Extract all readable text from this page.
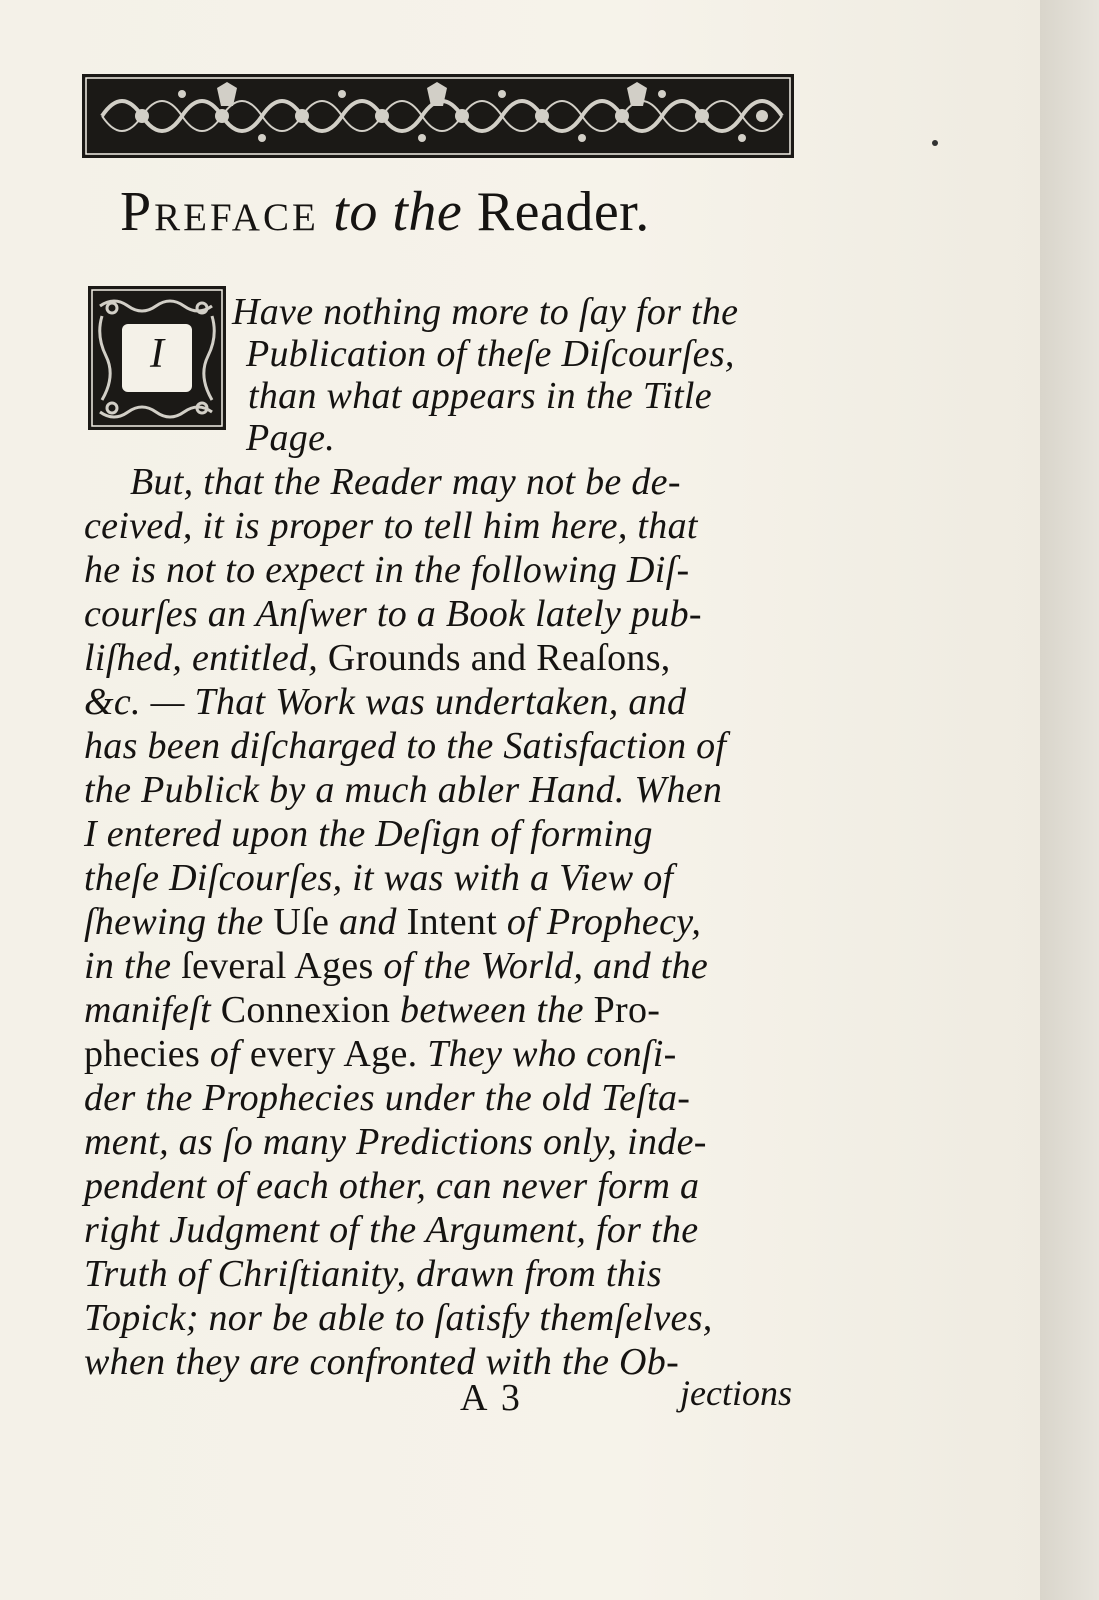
Preface to the Reader.
I
Have nothing more to ſay for the
Publication of theſe Diſcourſes,
than what appears in the Title
Page.
But, that the Reader may not be de-
ceived, it is proper to tell him here, that
he is not to expect in the following Diſ-
courſes an Anſwer to a Book lately pub-
liſhed, entitled, Grounds and Reaſons,
&c. — That Work was undertaken, and
has been diſcharged to the Satisfaction of
the Publick by a much abler Hand. When
I entered upon the Deſign of forming
theſe Diſcourſes, it was with a View of
ſhewing the Uſe and Intent of Prophecy,
in the ſeveral Ages of the World, and the
manifeſt Connexion between the Pro-
phecies of every Age. They who conſi-
der the Prophecies under the old Teſta-
ment, as ſo many Predictions only, inde-
pendent of each other, can never form a
right Judgment of the Argument, for the
Truth of Chriſtianity, drawn from this
Topick; nor be able to ſatisfy themſelves,
when they are confronted with the Ob-
A 3	jections
